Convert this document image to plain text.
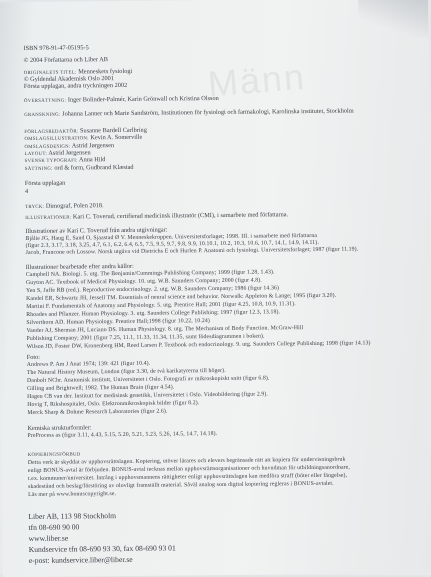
Männ
ISBN 978-91-47-05195-5
© 2004 Författarna och Liber AB
ORIGINALETS TITEL: Menneskets fysiologi
© Gyldendal Akademisk Oslo 2001
Första upplagan, andra tryckningen 2002
ÖVERSÄTTNING: Inger Bolinder-Palmér, Karin Grönwall och Kristina Olsson
GRANSKNING: Johanna Lanner och Marie Sandström, Institutionen för fysiologi och farmakologi, Karolinska institutet, Stockholm
FÖRLAGSREDAKTÖR: Susanne Bardell Carlbring
OMSLAGSILLUSTRATION: Kevin A. Somerville
OMSLAGSDESIGN: Astrid Jørgensen
LAYOUT: Astrid Jørgensen
SVENSK TYPOGRAFI: Anna Hild
SÄTTNING: ord & form, Gudbrand Klæstad
Första upplagan
4
TRYCK: Dimograf, Polen 2018.
ILLUSTRATIONER: Kari C. Toverud, certifierad medicinsk illustratör (CMI), i samarbete med författarna.
Illustrationer av Kari C. Toverud från andra utgivningar:
Bjålie JG, Haug E, Sand O, Sjaastad Ø V. Menneskekroppen. Universitetsforlaget; 1998. III. i samarbete med författarna
(figur 2.3, 3.17, 3.18, 3.25, 4.7, 6.1, 6.2, 6.4, 6.5, 7.5, 9.5, 9.7, 9.8, 9.9, 10.10.1, 10.2, 10.3, 10.6, 10.7, 14.1, 14.9, 14.11).
Jacob, Francone och Lossow. Norsk utgåva vid Dietrichs E och Hurlen P. Anatomi och fysiologi. Universitetsforlaget; 1987 (figur 11.19).
Illustrationer bearbetade efter andra källor:
Campbell NA. Biologi. 5. utg. The Benjamin/Cummings Publishing Company; 1999 (figur 1.28, 1.43).
Guyton AC. Textbook of Medical Physiology. 10. utg. W.B. Saunders Company; 2000 (figur 4.8).
Yen S, Jaffe RB (red.). Reproductive endocrinology. 2. utg. W.B. Saunders Company; 1986 (figur 14.36)
Kandel ER, Schwartz JH, Jessell TM. Essentials of neural science and behavior. Norwalk: Appleton & Lange; 1995 (figur 3.20).
Martini F. Fundamentals of Anatomy and Physiology. 5. utg. Prentice Hall; 2001 (figur 4.25, 10.8, 10.9, 11.31).
Rhoades and Pflanzer. Human Physiology. 3. utg. Saunders College Publishing; 1997 (figur 12.3, 13.18).
Silverthorn AD. Human Physiology. Prentice Hall;1998 (figur 10.22, 10.24)
Vander AJ, Sherman JH, Luciano DS. Human Physiology. 8. utg. The Mechanism of Body Function. McGraw-Hill
Publishing Company; 2001 (figur 7.25, 11.1, 11.33, 11.34, 11.35, samt födesdiagrammen i boken).
Wilson JD, Foster DW, Kronenberg HM, Reed Larsen P. Textbook och endocrinology. 9. utg. Saunders College Publishing; 1998 (figur 14.13)
Foto:
Andrews P. Am J Anat 1974; 139: 421 (figur 10.4).
The Natural History Museum, London (figur 3.30, de två karikatyrerna till höger).
Danbolt NChr. Anatomisk institutt, Universitetet i Oslo. Fotografi av mikroskopiskt snitt (figur 6.8).
Gilling and Brightwell; 1982. The Human Brain (figur 4.54).
Hagen CB van der. Institutt for medisinsk genetikk, Universitetet i Oslo. Videobildering (figur 2.9).
Hovig T, Rikshospitalet, Oslo. Elektronmikroskopisk bilder (figur 8.2).
Merck Sharp & Dohme Research Laboratories (figur 2.6).
Kemiska strukturformler:
PreProcess as (figur 3.11, 4.43, 5.15, 5.20, 5.21, 5.23, 5.26, 14.5, 14.7, 14.18).
KOPIERINGSFÖRBUD
Detta verk är skyddat av upphovsrättslagen. Kopiering, utöver lärares och elevers begränsade rätt att kopiera för undervisningsbruk
enligt BONUS-avtal är förbjuden. BONUS-avtal tecknas mellan upphovsrättsorganisationer och huvudman för utbildningsanordnare,
t.ex. kommuner/universitet. Intrång i upphovsmannens rättigheter enligt upphovsrättslagen kan medföra straff (böter eller fängelse),
skadestånd och beslag/förstöring av olovligt framställt material. Såväl analog som digital kopiering regleras i BONUS-avtalet.
Läs mer på www.bonuscopyright.se.
Liber AB, 113 98 Stockholm
tfn 08-690 90 00
www.liber.se
Kundservice tfn 08-690 93 30, fax 08-690 93 01
e-post: kundservice.liber@liber.se
